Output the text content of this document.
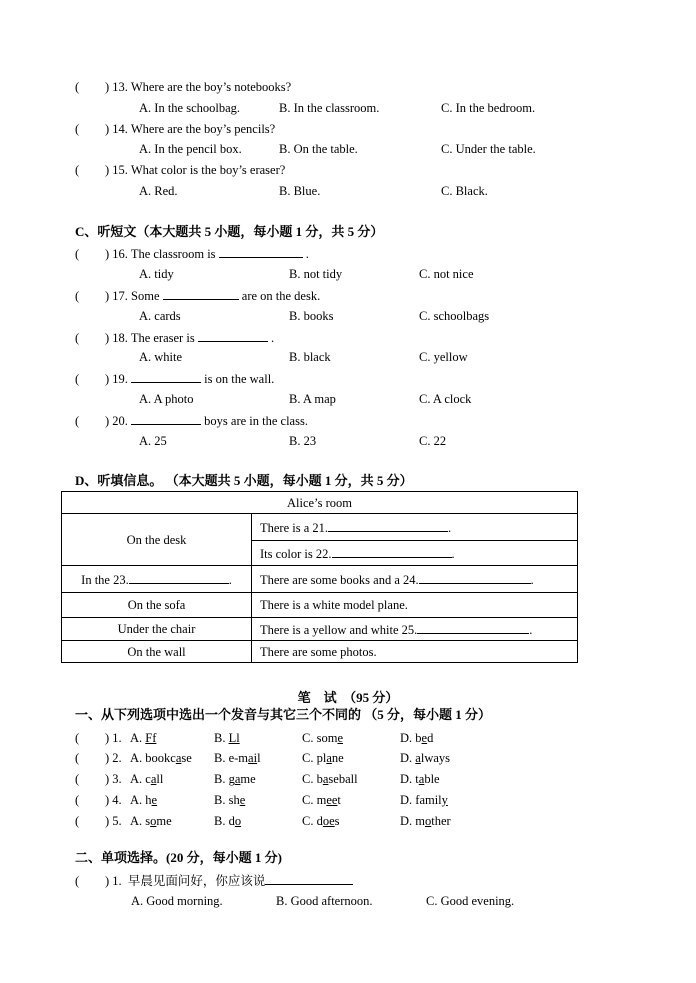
( ) 13. Where are the boy’s notebooks?
A. In the schoolbag.	B. In the classroom.	C. In the bedroom.
( ) 14. Where are the boy’s pencils?
A. In the pencil box.	B. On the table.	C. Under the table.
( ) 15. What color is the boy’s eraser?
A. Red.	B. Blue.	C. Black.
C、听短文（本大题共 5 小题，每小题 1 分，共 5 分）
( ) 16. The classroom is	.
A. tidy	B. not tidy	C. not nice
( ) 17. Some	are on the desk.
A. cards	B. books	C. schoolbags
( ) 18. The eraser is	.
A. white	B. black	C. yellow
( ) 19.	is on the wall.
A. A photo	B. A map	C. A clock
( ) 20.	boys are in the class.
A. 25	B. 23	C. 22
D、听填信息。 （本大题共 5 小题，每小题 1 分，共 5 分）
Alice’s room	
On the desk	There is a 21. .
	Its color is 22. .
In the 23. .	There are some books and a 24. .
On the sofa	There is a white model plane.
Under the chair	There is a yellow and white 25. .
On the wall	There are some photos.
笔　试　（95 分）
一、从下列选项中选出一个发音与其它三个不同的 （5 分，每小题 1 分）
( ) 1. A. Ff	B. Ll	C. some	D. bed
( ) 2. A. bookcase B. e-mail	C. plane	D. always
( ) 3. A. call	B. game	C. baseball	D. table
( ) 4. A. he	B. she	C. meet	D. family
( ) 5. A. some	B. do	C. does	D. mother
二、单项选择。(20 分，每小题 1 分)
( ) 1.  早晨见面问好，你应该说
A. Good morning.	B. Good afternoon.	C. Good evening.
